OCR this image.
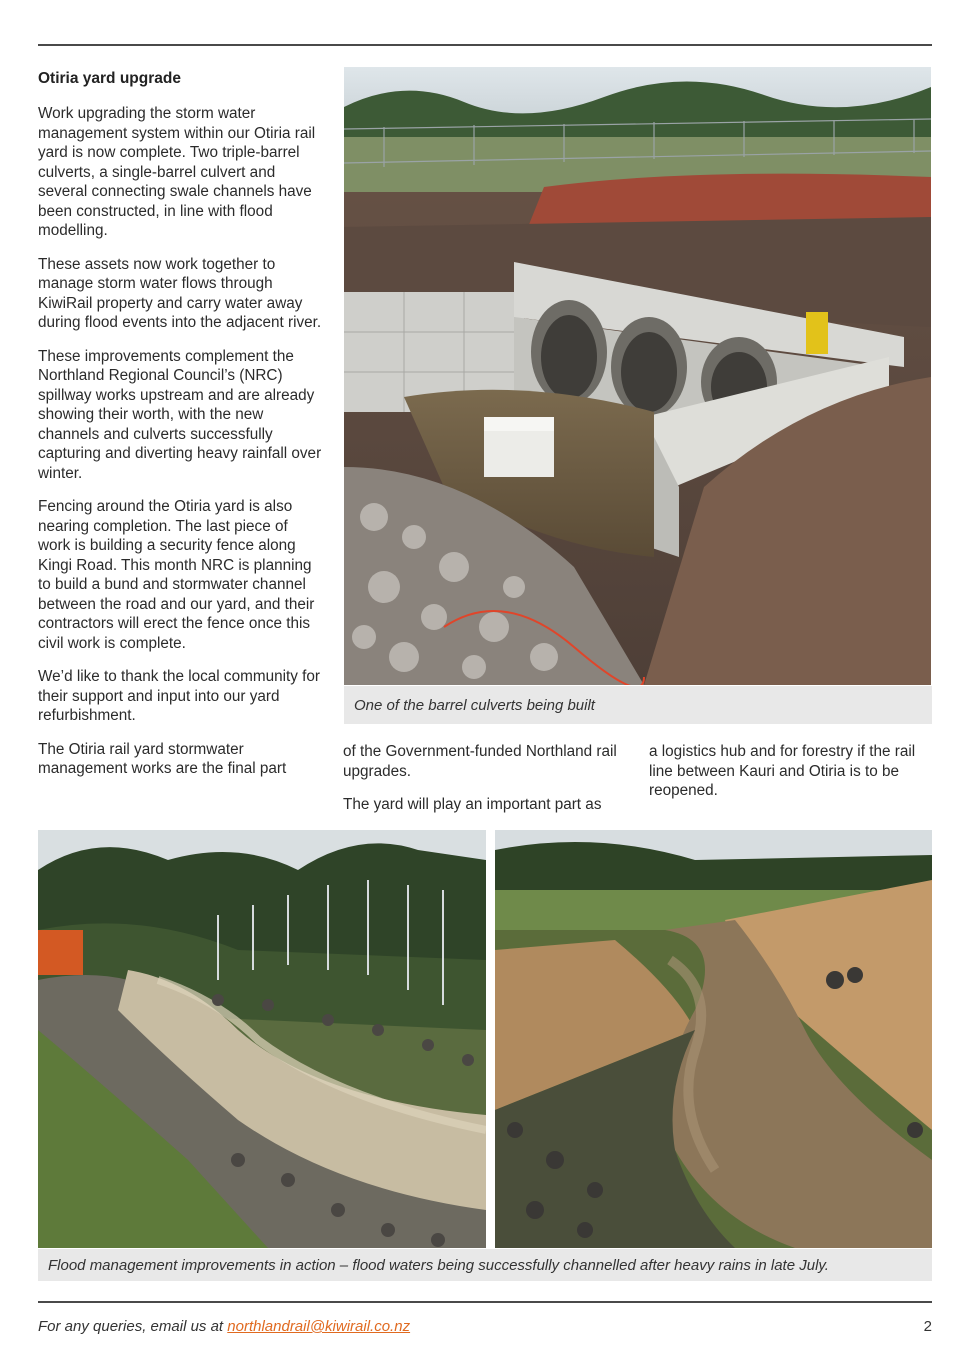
Otiria yard upgrade

Work upgrading the storm water management system within our Otiria rail yard is now complete. Two triple-barrel culverts, a single-barrel culvert and several connecting swale channels have been constructed, in line with flood modelling.

These assets now work together to manage storm water flows through KiwiRail property and carry water away during flood events into the adjacent river.

These improvements complement the Northland Regional Council’s (NRC) spillway works upstream and are already showing their worth, with the new channels and culverts successfully capturing and diverting heavy rainfall over winter.

Fencing around the Otiria yard is also nearing completion. The last piece of work is building a security fence along Kingi Road. This month NRC is planning to build a bund and stormwater channel between the road and our yard, and their contractors will erect the fence once this civil work is complete.

We’d like to thank the local community for their support and input into our yard refurbishment.

The Otiria rail yard stormwater management works are the final part

of the Government-funded Northland rail upgrades.

The yard will play an important part as

a logistics hub and for forestry if the rail line between Kauri and Otiria is to be reopened.

One of the barrel culverts being built
Flood management improvements in action – flood waters being successfully channelled after heavy rains in late July.
For any queries, email us at northlandrail@kiwirail.co.nz	2
